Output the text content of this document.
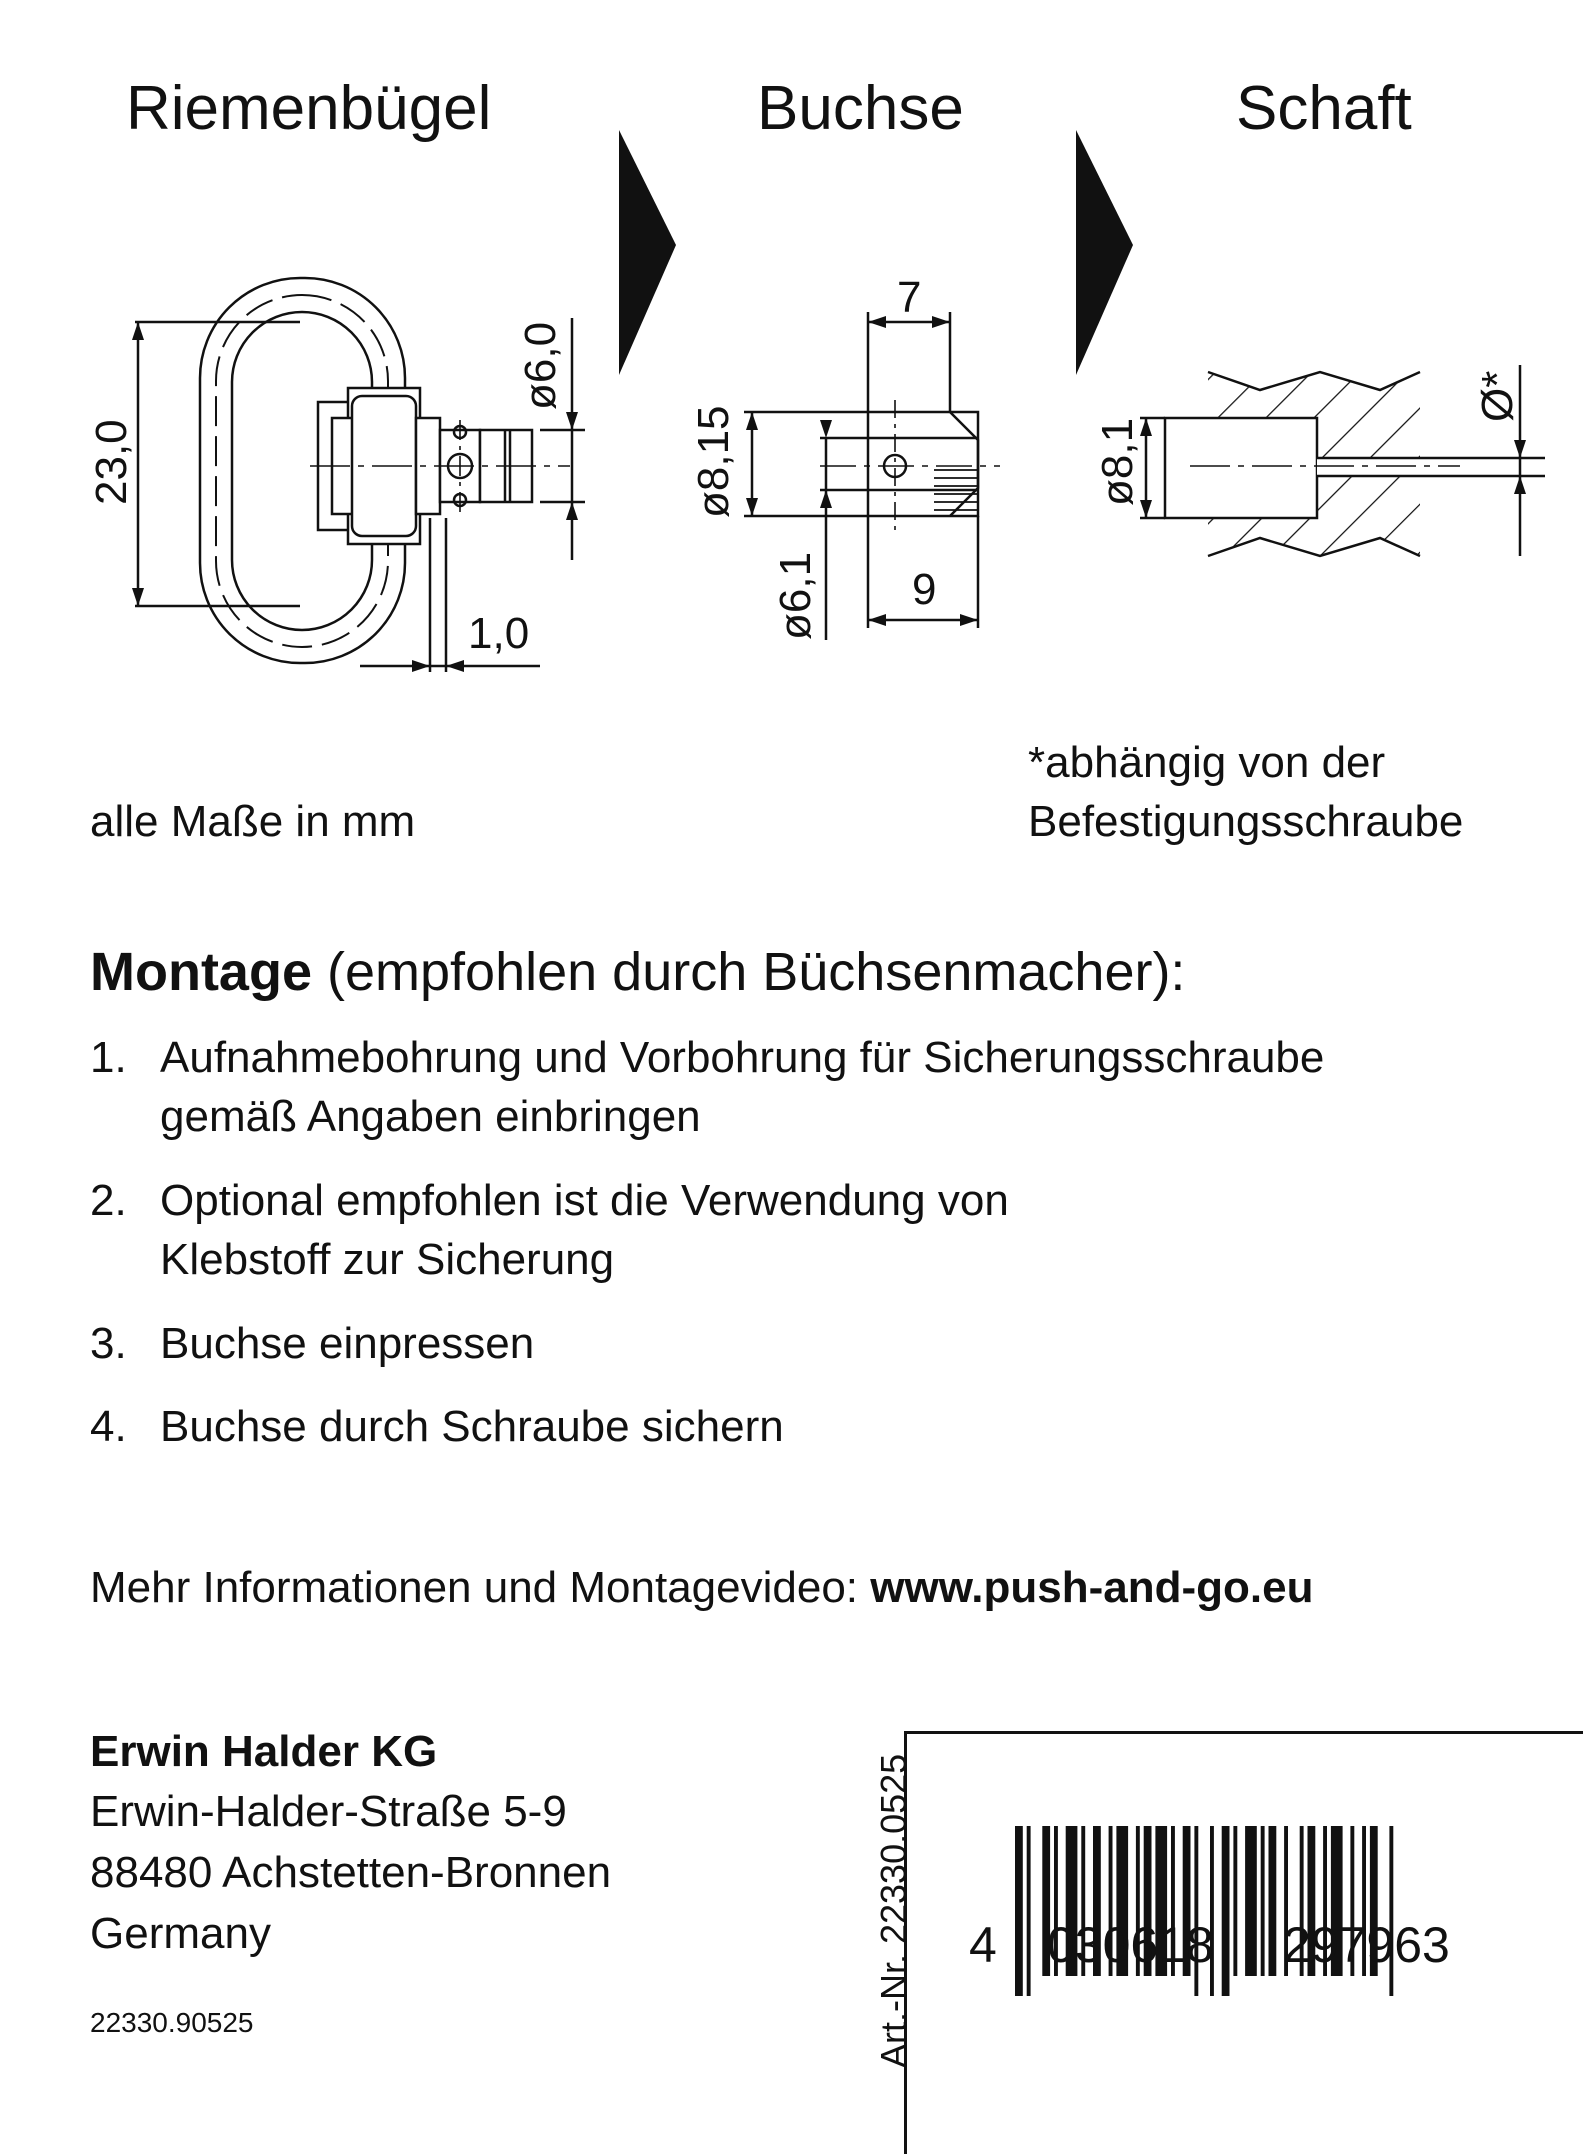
Riemenbügel	Buchse	Schaft
23,0
ø6,0
1,0
7
ø8,15
ø6,1 9
ø8,1
Ø*
alle Maße in mm
*abhängig von der
Befestigungsschraube
Montage (empfohlen durch Büchsenmacher):
1. Aufnahmebohrung und Vorbohrung für Sicherungsschraube
gemäß Angaben einbringen
2. Optional empfohlen ist die Verwendung von
Klebstoff zur Sicherung
3. Buchse einpressen
4. Buchse durch Schraube sichern
Mehr Informationen und Montagevideo: www.push-and-go.eu
Erwin Halder KG
Erwin-Halder-Straße 5-9
88480 Achstetten-Bronnen
Germany
22330.90525	Art.-Nr. 22330.0525 4 030618 297963
